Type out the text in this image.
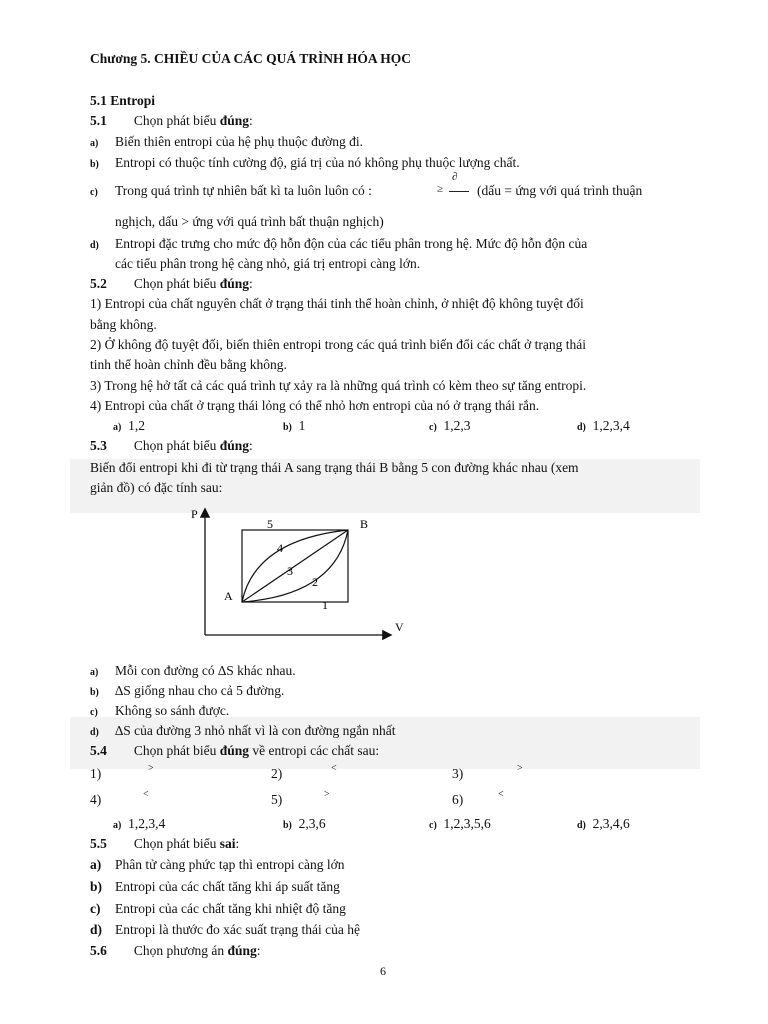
Chương 5. CHIỀU CỦA CÁC QUÁ TRÌNH HÓA HỌC
5.1 Entropi
5.1 Chọn phát biểu đúng:
a) Biến thiên entropi của hệ phụ thuộc đường đi.
b) Entropi có thuộc tính cường độ, giá trị của nó không phụ thuộc lượng chất.
c) Trong quá trình tự nhiên bất kì ta luôn luôn có :	≥
∂
(dấu = ứng với quá trình thuận
nghịch, dấu > ứng với quá trình bất thuận nghịch)
d) Entropi đặc trưng cho mức độ hỗn độn của các tiểu phân trong hệ. Mức độ hỗn độn của
các tiểu phân trong hệ càng nhỏ, giá trị entropi càng lớn.
5.2 Chọn phát biểu đúng:
1) Entropi của chất nguyên chất ở trạng thái tinh thể hoàn chỉnh, ở nhiệt độ không tuyệt đối
bằng không.
2) Ở không độ tuyệt đối, biến thiên entropi trong các quá trình biến đổi các chất ở trạng thái
tinh thể hoàn chỉnh đều bằng không.
3) Trong hệ hở tất cả các quá trình tự xảy ra là những quá trình có kèm theo sự tăng entropi.
4) Entropi của chất ở trạng thái lỏng có thể nhỏ hơn entropi của nó ở trạng thái rắn.
a) 1,2	b) 1	c) 1,2,3	d) 1,2,3,4
5.3 Chọn phát biểu đúng:
Biến đổi entropi khi đi từ trạng thái A sang trạng thái B bằng 5 con đường khác nhau (xem
giản đồ) có đặc tính sau:
P
V
A
B
5
4
3
2
1
a) Mỗi con đường có ∆S khác nhau.
b) ∆S giống nhau cho cả 5 đường.
c) Không so sánh được.
d) ∆S của đường 3 nhỏ nhất vì là con đường ngắn nhất
5.4 Chọn phát biểu đúng về entropi các chất sau:
1)	>	2)	<	3)	>
4)	<	5)	>	6)	<
a) 1,2,3,4	b) 2,3,6	c) 1,2,3,5,6	d) 2,3,4,6
5.5 Chọn phát biểu sai:
a) Phân tử càng phức tạp thì entropi càng lớn
b) Entropi của các chất tăng khi áp suất tăng
c) Entropi của các chất tăng khi nhiệt độ tăng
d) Entropi là thước đo xác suất trạng thái của hệ
5.6 Chọn phương án đúng:
6
